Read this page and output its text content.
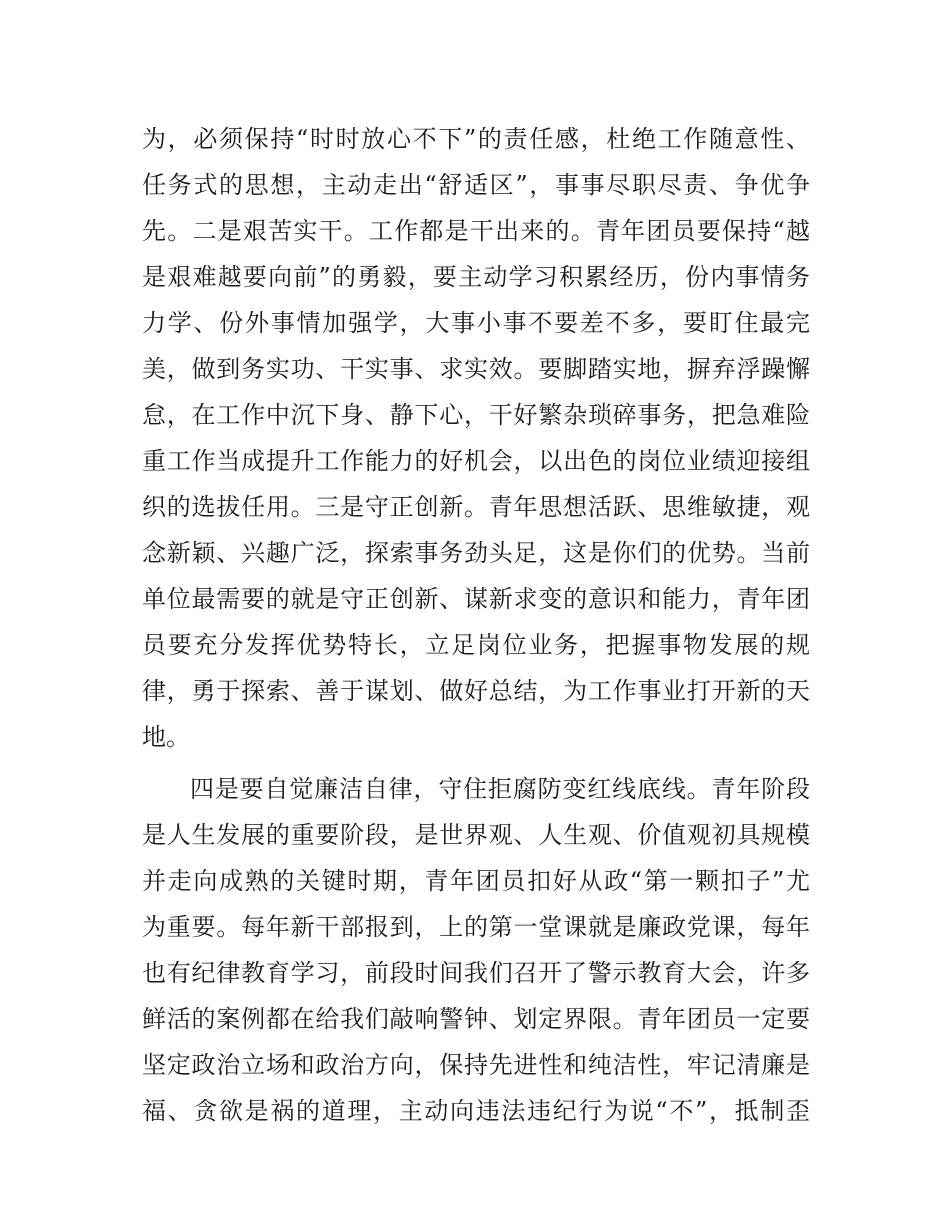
为，必须保持“时时放心不下”的责任感，杜绝工作随意性、
任务式的思想，主动走出“舒适区”，事事尽职尽责、争优争
先。二是艰苦实干。工作都是干出来的。青年团员要保持“越
是艰难越要向前”的勇毅，要主动学习积累经历，份内事情务
力学、份外事情加强学，大事小事不要差不多，要盯住最完
美，做到务实功、干实事、求实效。要脚踏实地，摒弃浮躁懈
怠，在工作中沉下身、静下心，干好繁杂琐碎事务，把急难险
重工作当成提升工作能力的好机会，以出色的岗位业绩迎接组
织的选拔任用。三是守正创新。青年思想活跃、思维敏捷，观
念新颖、兴趣广泛，探索事务劲头足，这是你们的优势。当前
单位最需要的就是守正创新、谋新求变的意识和能力，青年团
员要充分发挥优势特长，立足岗位业务，把握事物发展的规
律，勇于探索、善于谋划、做好总结，为工作事业打开新的天
地。
四是要自觉廉洁自律，守住拒腐防变红线底线。青年阶段
是人生发展的重要阶段，是世界观、人生观、价值观初具规模
并走向成熟的关键时期，青年团员扣好从政“第一颗扣子”尤
为重要。每年新干部报到，上的第一堂课就是廉政党课，每年
也有纪律教育学习，前段时间我们召开了警示教育大会，许多
鲜活的案例都在给我们敲响警钟、划定界限。青年团员一定要
坚定政治立场和政治方向，保持先进性和纯洁性，牢记清廉是
福、贪欲是祸的道理，主动向违法违纪行为说“不”，抵制歪
